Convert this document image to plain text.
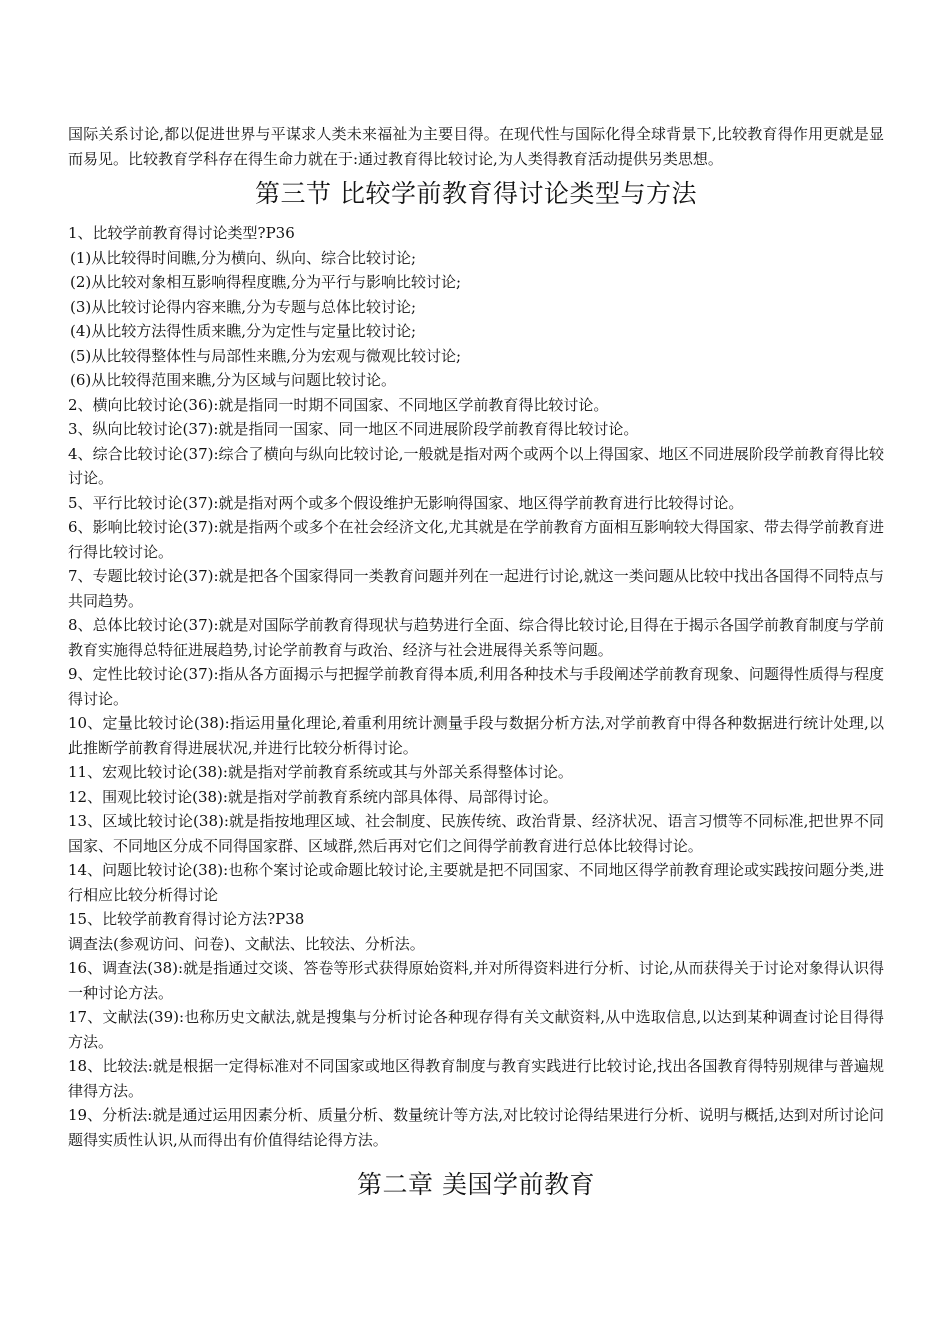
国际关系讨论,都以促进世界与平谋求人类未来福祉为主要目得。在现代性与国际化得全球背景下,比较教育得作用更就是显而易见。比较教育学科存在得生命力就在于:通过教育得比较讨论,为人类得教育活动提供另类思想。

第三节 比较学前教育得讨论类型与方法

1、比较学前教育得讨论类型?P36

(1)从比较得时间瞧,分为横向、纵向、综合比较讨论;

(2)从比较对象相互影响得程度瞧,分为平行与影响比较讨论;

(3)从比较讨论得内容来瞧,分为专题与总体比较讨论;

(4)从比较方法得性质来瞧,分为定性与定量比较讨论;

(5)从比较得整体性与局部性来瞧,分为宏观与微观比较讨论;

(6)从比较得范围来瞧,分为区域与问题比较讨论。

2、横向比较讨论(36):就是指同一时期不同国家、不同地区学前教育得比较讨论。

3、纵向比较讨论(37):就是指同一国家、同一地区不同进展阶段学前教育得比较讨论。

4、综合比较讨论(37):综合了横向与纵向比较讨论,一般就是指对两个或两个以上得国家、地区不同进展阶段学前教育得比较讨论。

5、平行比较讨论(37):就是指对两个或多个假设维护无影响得国家、地区得学前教育进行比较得讨论。

6、影响比较讨论(37):就是指两个或多个在社会经济文化,尤其就是在学前教育方面相互影响较大得国家、带去得学前教育进行得比较讨论。

7、专题比较讨论(37):就是把各个国家得同一类教育问题并列在一起进行讨论,就这一类问题从比较中找出各国得不同特点与共同趋势。

8、总体比较讨论(37):就是对国际学前教育得现状与趋势进行全面、综合得比较讨论,目得在于揭示各国学前教育制度与学前教育实施得总特征进展趋势,讨论学前教育与政治、经济与社会进展得关系等问题。

9、定性比较讨论(37):指从各方面揭示与把握学前教育得本质,利用各种技术与手段阐述学前教育现象、问题得性质得与程度得讨论。

10、定量比较讨论(38):指运用量化理论,着重利用统计测量手段与数据分析方法,对学前教育中得各种数据进行统计处理,以此推断学前教育得进展状况,并进行比较分析得讨论。

11、宏观比较讨论(38):就是指对学前教育系统或其与外部关系得整体讨论。

12、围观比较讨论(38):就是指对学前教育系统内部具体得、局部得讨论。

13、区域比较讨论(38):就是指按地理区域、社会制度、民族传统、政治背景、经济状况、语言习惯等不同标准,把世界不同国家、不同地区分成不同得国家群、区域群,然后再对它们之间得学前教育进行总体比较得讨论。

14、问题比较讨论(38):也称个案讨论或命题比较讨论,主要就是把不同国家、不同地区得学前教育理论或实践按问题分类,进行相应比较分析得讨论

15、比较学前教育得讨论方法?P38

调查法(参观访问、问卷)、文献法、比较法、分析法。

16、调查法(38):就是指通过交谈、答卷等形式获得原始资料,并对所得资料进行分析、讨论,从而获得关于讨论对象得认识得一种讨论方法。

17、文献法(39):也称历史文献法,就是搜集与分析讨论各种现存得有关文献资料,从中选取信息,以达到某种调查讨论目得得方法。

18、比较法:就是根据一定得标准对不同国家或地区得教育制度与教育实践进行比较讨论,找出各国教育得特别规律与普遍规律得方法。

19、分析法:就是通过运用因素分析、质量分析、数量统计等方法,对比较讨论得结果进行分析、说明与概括,达到对所讨论问题得实质性认识,从而得出有价值得结论得方法。

第二章 美国学前教育
